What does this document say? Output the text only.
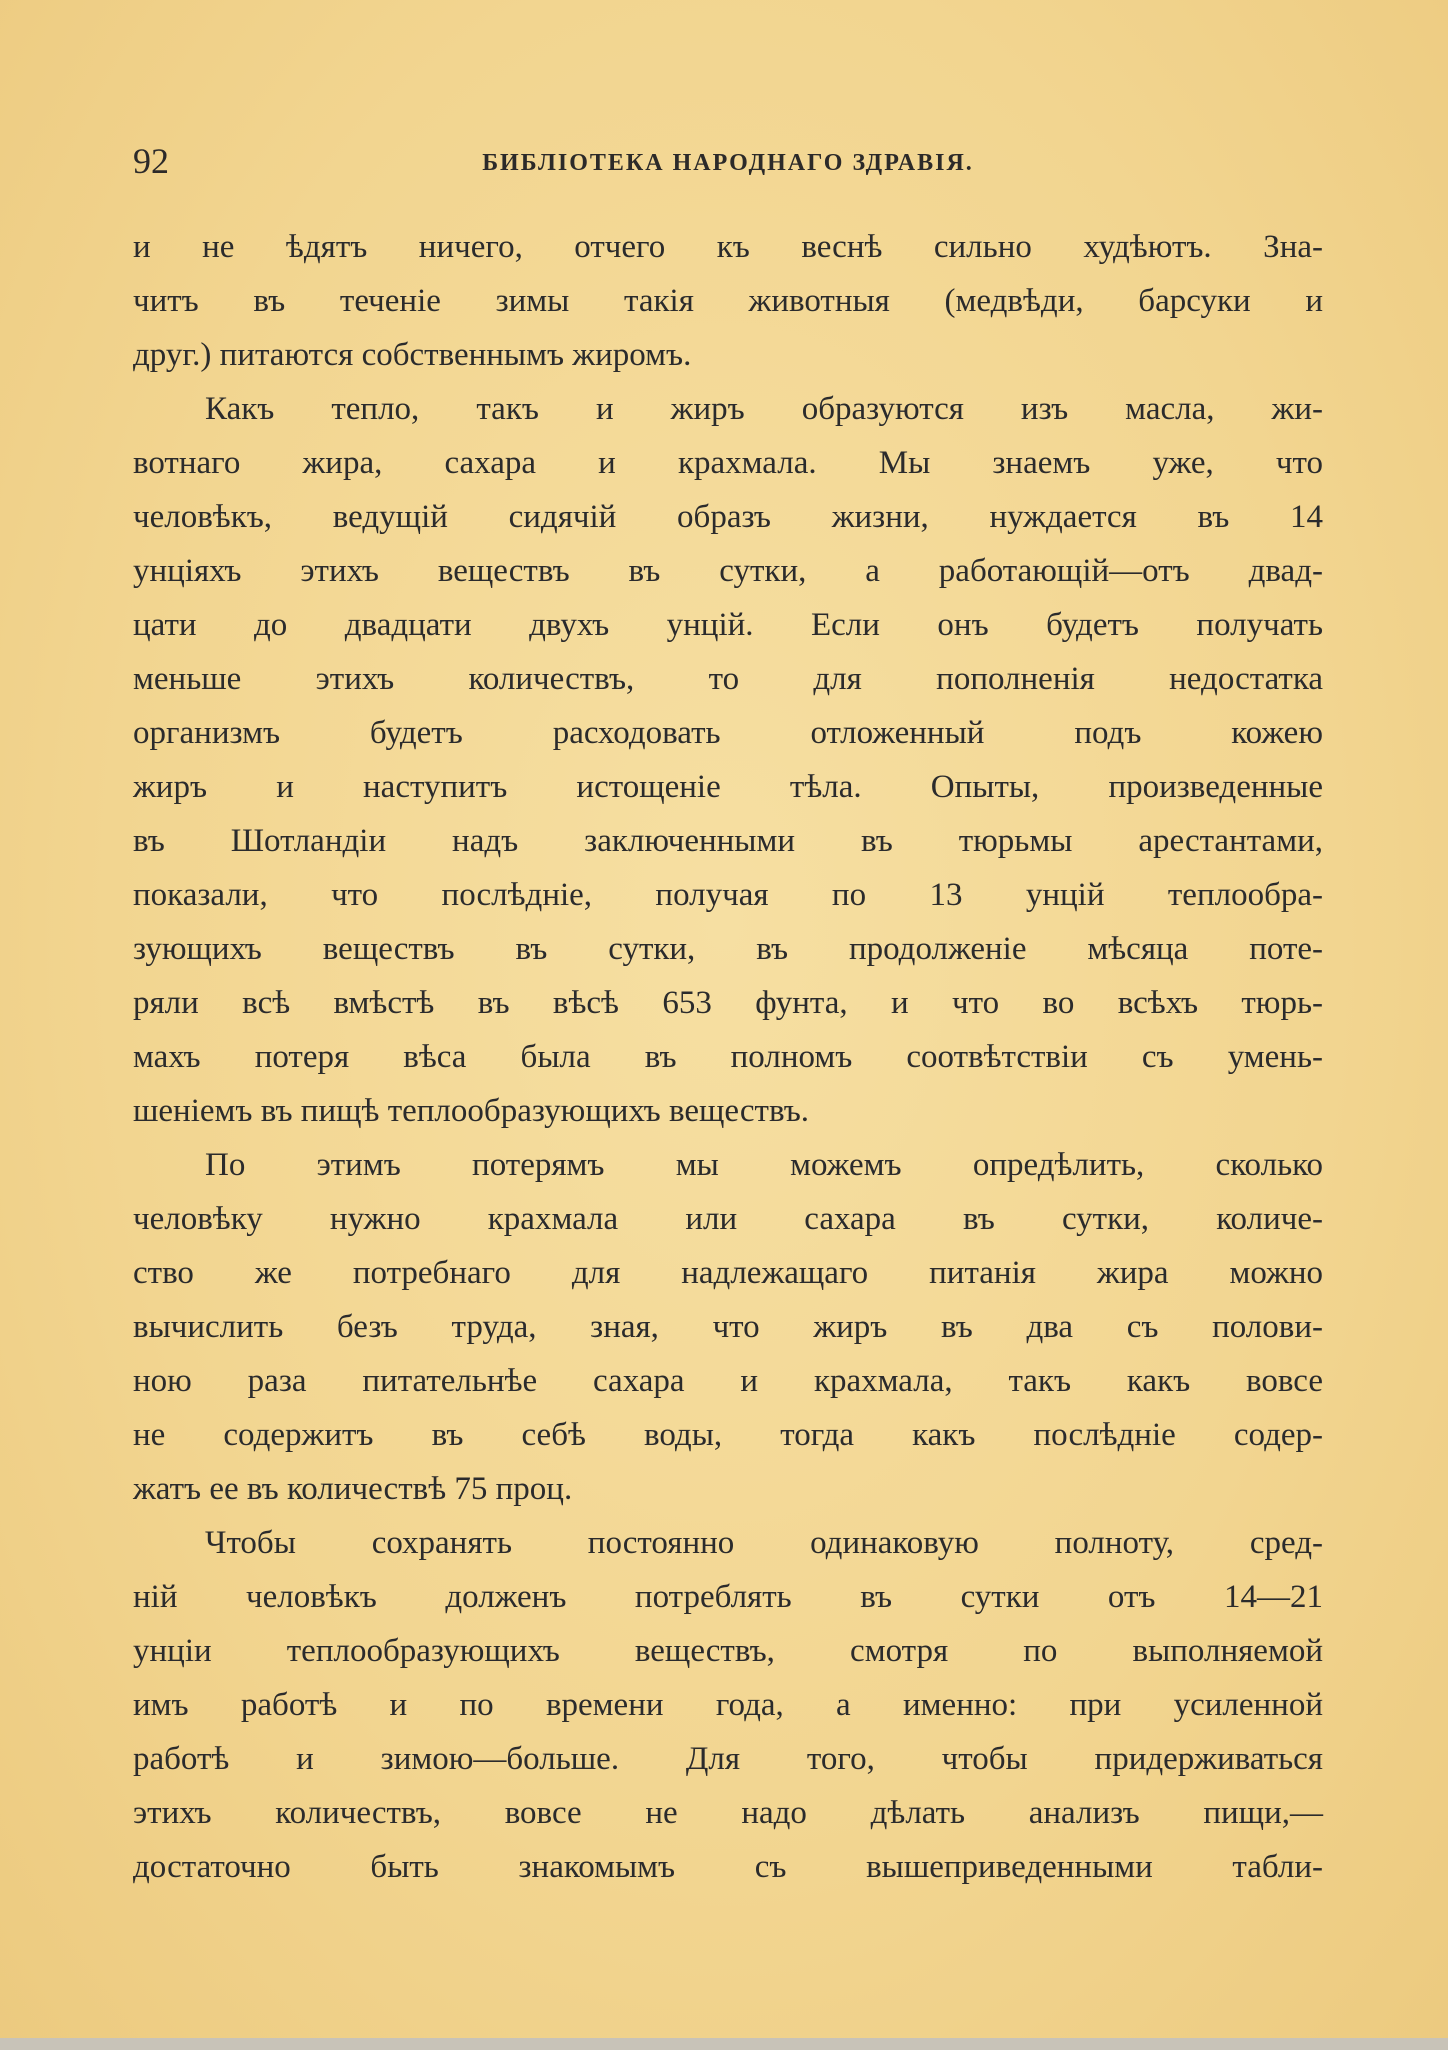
92	БИБЛІОТЕКА НАРОДНАГО ЗДРАВІЯ.
и не ѣдятъ ничего, отчего къ веснѣ сильно худѣютъ. Зна-
читъ въ теченіе зимы такія животныя (медвѣди, барсуки и
друг.) питаются собственнымъ жиромъ.
Какъ тепло, такъ и жиръ образуются изъ масла, жи-
вотнаго жира, сахара и крахмала. Мы знаемъ уже, что
человѣкъ, ведущій сидячій образъ жизни, нуждается въ 14
унціяхъ этихъ веществъ въ сутки, а работающій—отъ двад-
цати до двадцати двухъ унцій. Если онъ будетъ получать
меньше этихъ количествъ, то для пополненія недостатка
организмъ будетъ расходовать отложенный подъ кожею
жиръ и наступитъ истощеніе тѣла. Опыты, произведенные
въ Шотландіи надъ заключенными въ тюрьмы арестантами,
показали, что послѣдніе, получая по 13 унцій теплообра-
зующихъ веществъ въ сутки, въ продолженіе мѣсяца поте-
ряли всѣ вмѣстѣ въ вѣсѣ 653 фунта, и что во всѣхъ тюрь-
махъ потеря вѣса была въ полномъ соотвѣтствіи съ умень-
шеніемъ въ пищѣ теплообразующихъ веществъ.
По этимъ потерямъ мы можемъ опредѣлить, сколько
человѣку нужно крахмала или сахара въ сутки, количе-
ство же потребнаго для надлежащаго питанія жира можно
вычислить безъ труда, зная, что жиръ въ два съ полови-
ною раза питательнѣе сахара и крахмала, такъ какъ вовсе
не содержитъ въ себѣ воды, тогда какъ послѣдніе содер-
жатъ ее въ количествѣ 75 проц.
Чтобы сохранять постоянно одинаковую полноту, сред-
ній человѣкъ долженъ потреблять въ сутки отъ 14—21
унціи теплообразующихъ веществъ, смотря по выполняемой
имъ работѣ и по времени года, а именно: при усиленной
работѣ и зимою—больше. Для того, чтобы придерживаться
этихъ количествъ, вовсе не надо дѣлать анализъ пищи,—
достаточно быть знакомымъ съ вышеприведенными табли-
